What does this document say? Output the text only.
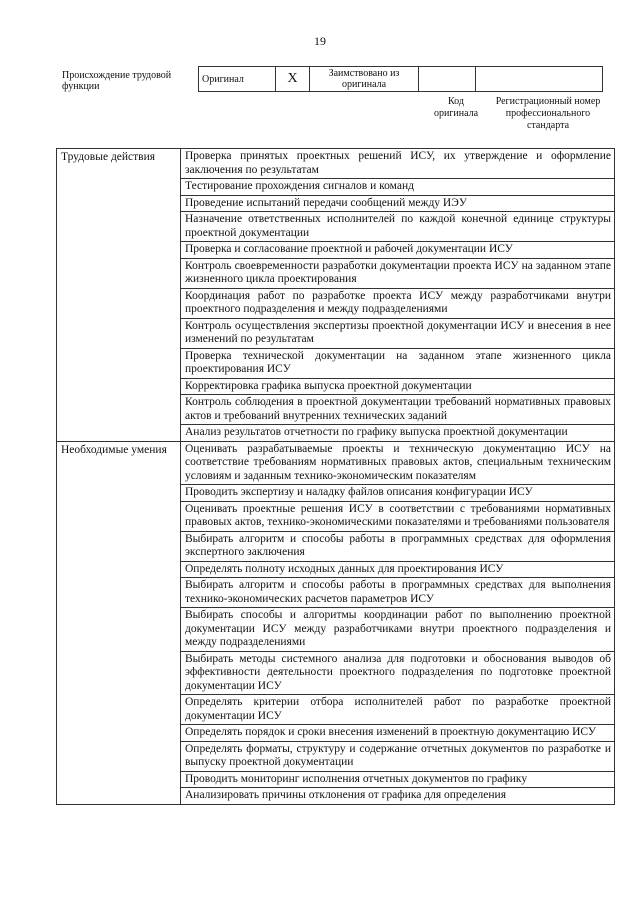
19
Происхождение трудовой функции
Оригинал	X	Заимствовано из оригинала		
Код оригинала
Регистрационный номер профессионального стандарта
Трудовые действия	Проверка принятых проектных решений ИСУ, их утверждение и оформление заключения по результатам
	Тестирование прохождения сигналов и команд
	Проведение испытаний передачи сообщений между ИЭУ
	Назначение ответственных исполнителей по каждой конечной единице структуры проектной документации
	Проверка и согласование проектной и рабочей документации ИСУ
	Контроль своевременности разработки документации проекта ИСУ на заданном этапе жизненного цикла проектирования
	Координация работ по разработке проекта ИСУ между разработчиками внутри проектного подразделения и между подразделениями
	Контроль осуществления экспертизы проектной документации ИСУ и внесения в нее изменений по результатам
	Проверка технической документации на заданном этапе жизненного цикла проектирования ИСУ
	Корректировка графика выпуска проектной документации
	Контроль соблюдения в проектной документации требований нормативных правовых актов и требований внутренних технических заданий
	Анализ результатов отчетности по графику выпуска проектной документации
Необходимые умения	Оценивать разрабатываемые проекты и техническую документацию ИСУ на соответствие требованиям нормативных правовых актов, специальным техническим условиям и заданным технико-экономическим показателям
	Проводить экспертизу и наладку файлов описания конфигурации ИСУ
	Оценивать проектные решения ИСУ в соответствии с требованиями нормативных правовых актов, технико-экономическими показателями и требованиями пользователя
	Выбирать алгоритм и способы работы в программных средствах для оформления экспертного заключения
	Определять полноту исходных данных для проектирования ИСУ
	Выбирать алгоритм и способы работы в программных средствах для выполнения технико-экономических расчетов параметров ИСУ
	Выбирать способы и алгоритмы координации работ по выполнению проектной документации ИСУ между разработчиками внутри проектного подразделения и между подразделениями
	Выбирать методы системного анализа для подготовки и обоснования выводов об эффективности деятельности проектного подразделения по подготовке проектной документации ИСУ
	Определять критерии отбора исполнителей работ по разработке проектной документации ИСУ
	Определять порядок и сроки внесения изменений в проектную документацию ИСУ
	Определять форматы, структуру и содержание отчетных документов по разработке и выпуску проектной документации
	Проводить мониторинг исполнения отчетных документов по графику
	Анализировать причины отклонения от графика для определения
